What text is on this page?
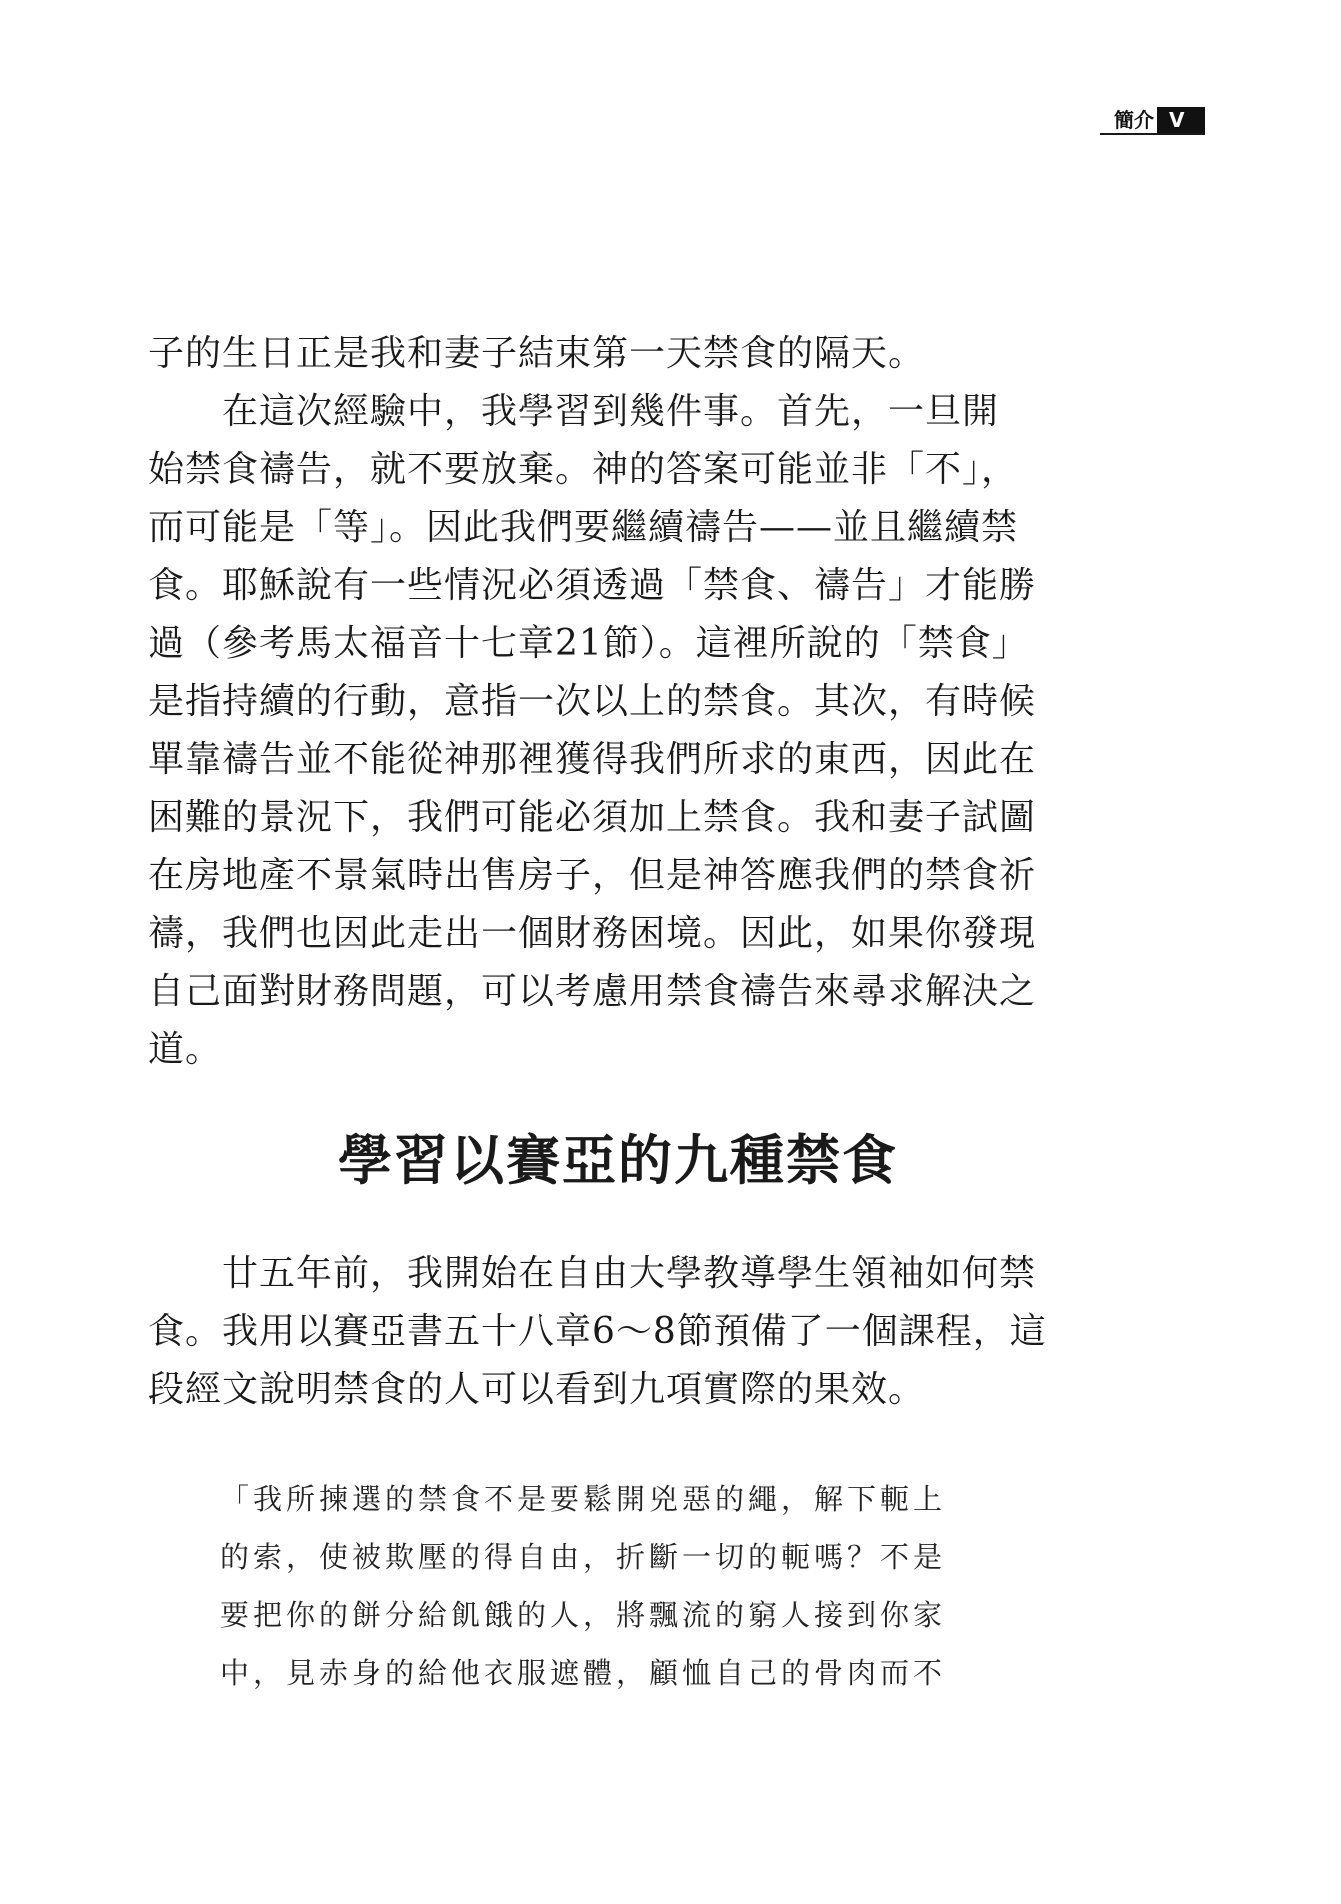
簡介 V

子的生日正是我和妻子結束第一天禁食的隔天。
　　在這次經驗中，我學習到幾件事。首先，一旦開
始禁食禱告，就不要放棄。神的答案可能並非「不」，
而可能是「等」。因此我們要繼續禱告——並且繼續禁
食。耶穌說有一些情況必須透過「禁食、禱告」才能勝
過（參考馬太福音十七章21節）。這裡所說的「禁食」
是指持續的行動，意指一次以上的禁食。其次，有時候
單靠禱告並不能從神那裡獲得我們所求的東西，因此在
困難的景況下，我們可能必須加上禁食。我和妻子試圖
在房地產不景氣時出售房子，但是神答應我們的禁食祈
禱，我們也因此走出一個財務困境。因此，如果你發現
自己面對財務問題，可以考慮用禁食禱告來尋求解決之
道。

學習以賽亞的九種禁食

　　廿五年前，我開始在自由大學教導學生領袖如何禁
食。我用以賽亞書五十八章6～8節預備了一個課程，這
段經文說明禁食的人可以看到九項實際的果效。

「我所揀選的禁食不是要鬆開兇惡的繩，解下軛上
的索，使被欺壓的得自由，折斷一切的軛嗎？不是
要把你的餅分給飢餓的人，將飄流的窮人接到你家
中，見赤身的給他衣服遮體，顧恤自己的骨肉而不
